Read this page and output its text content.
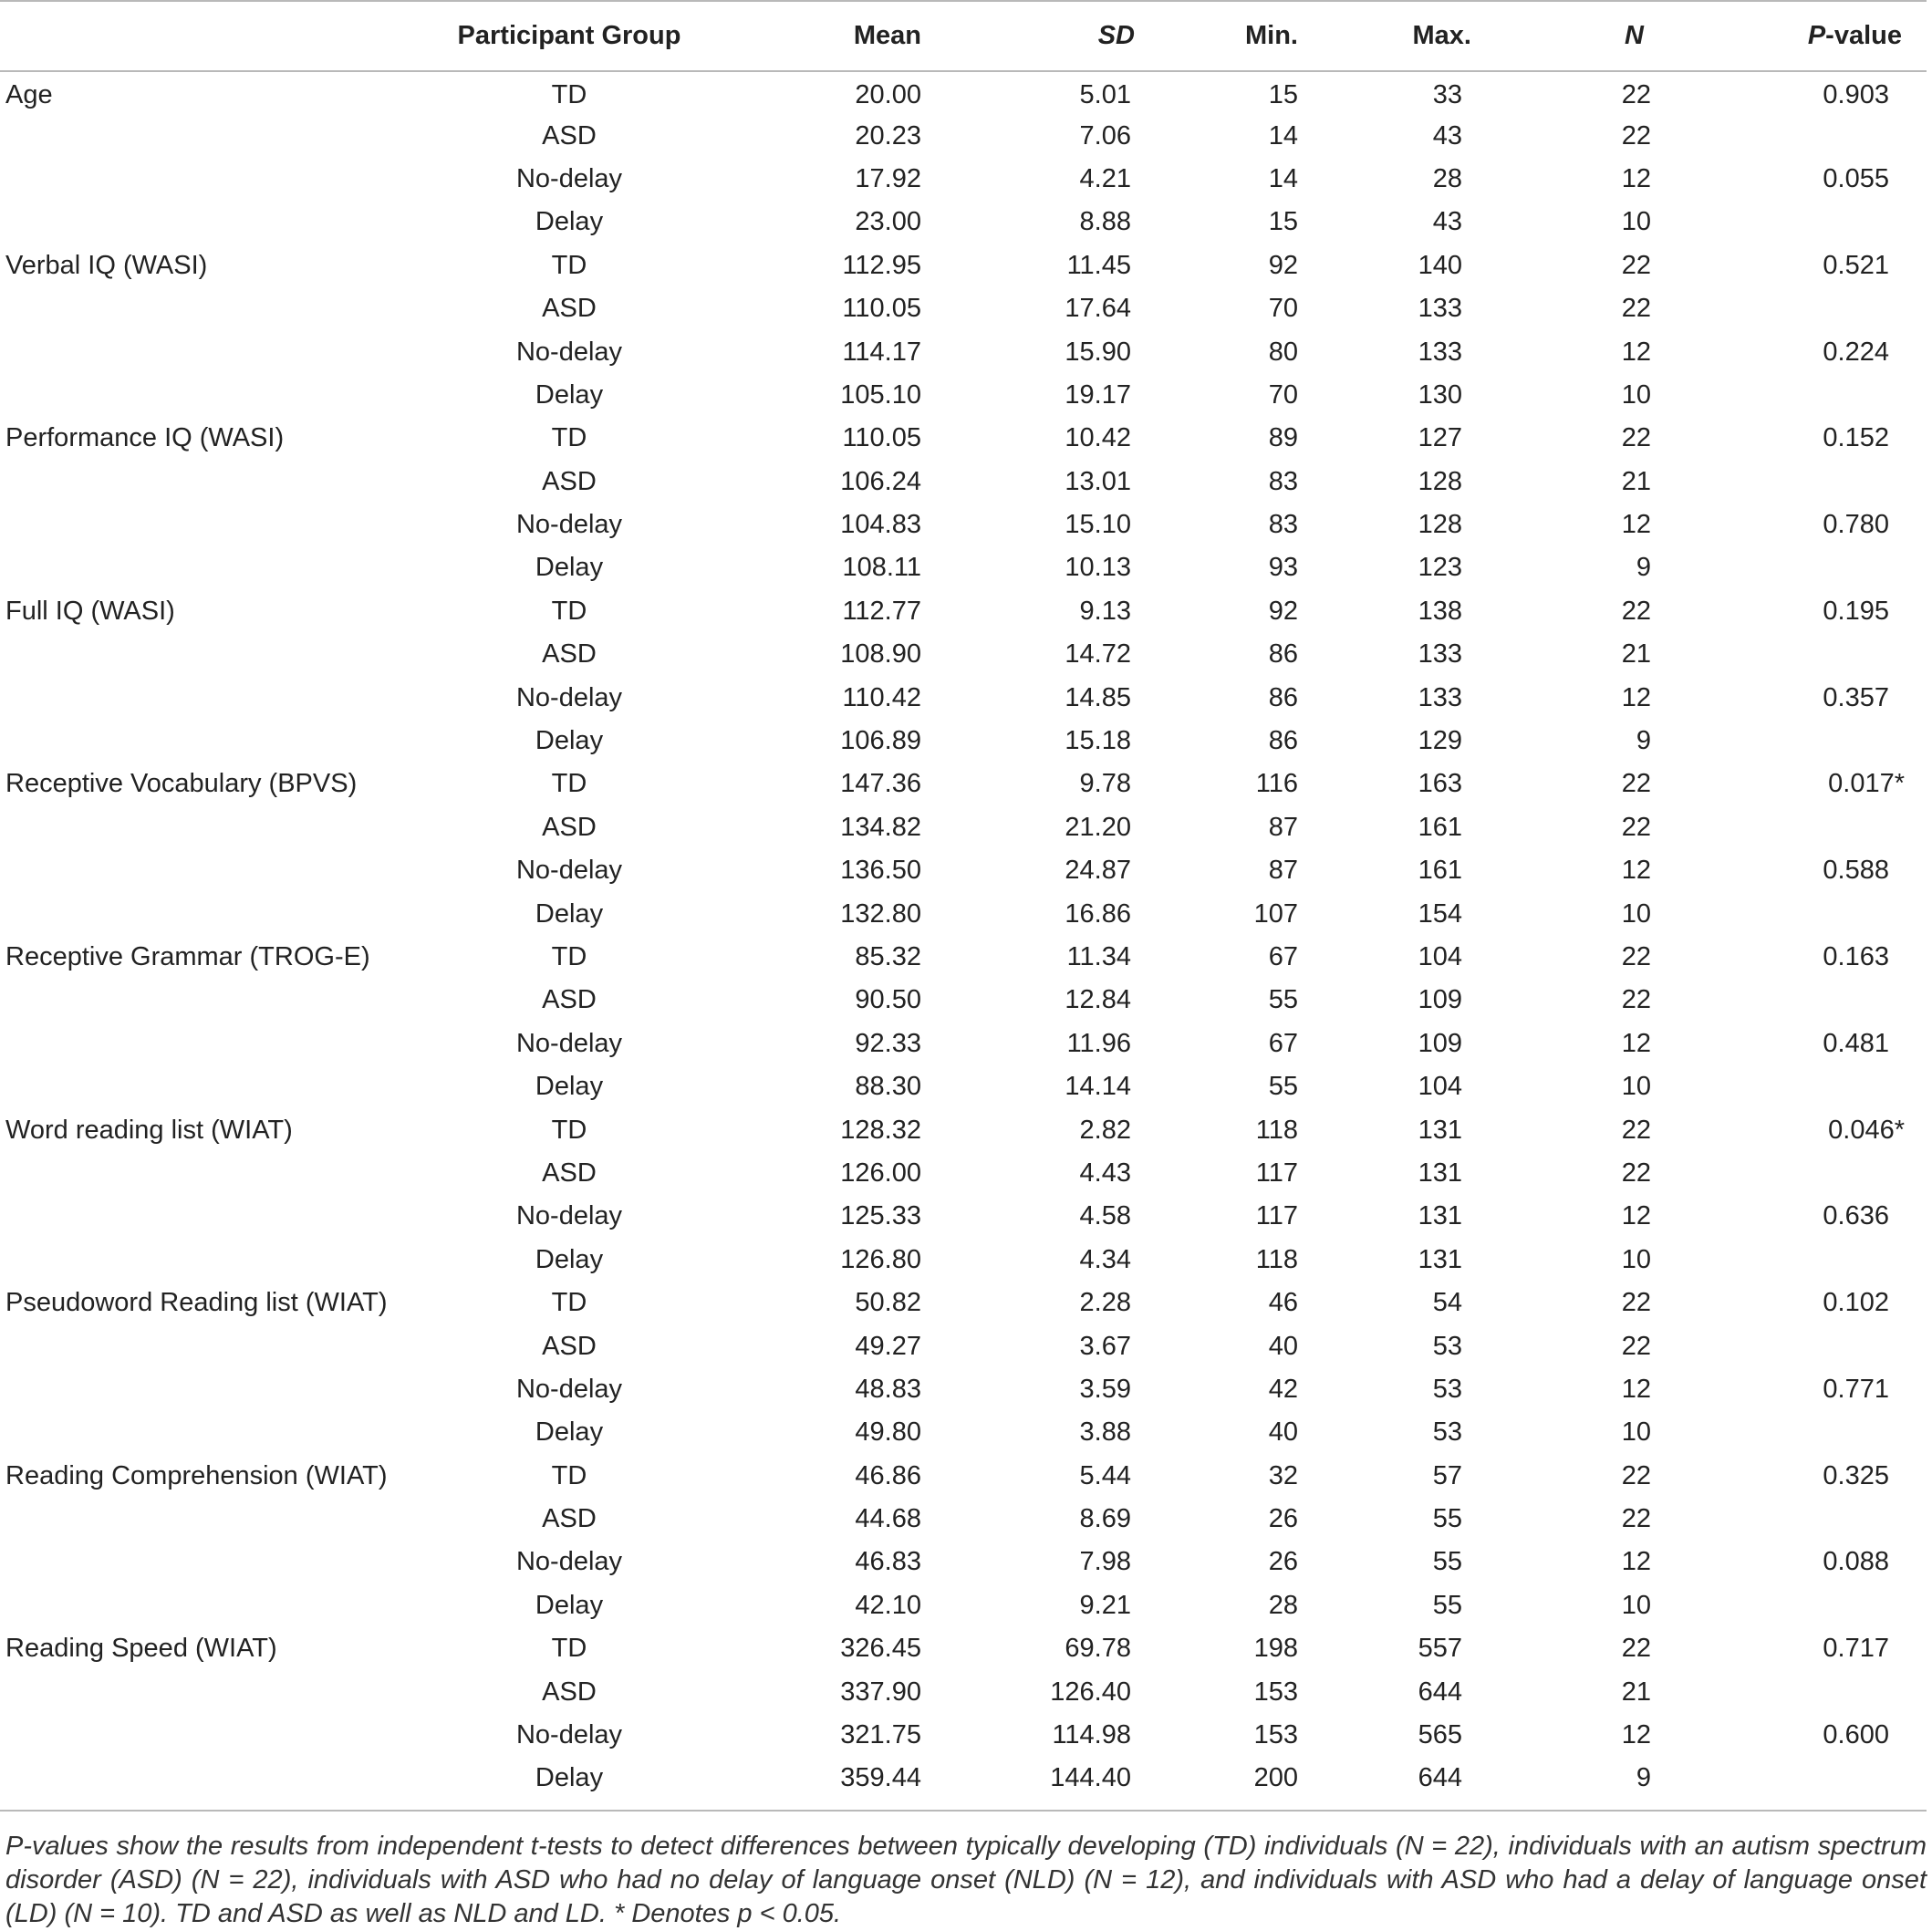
	Participant Group	Mean	SD	Min.	Max.	N	P-value
Age	TD	20.00	5.01	15	33	22	0.903
	ASD	20.23	7.06	14	43	22	
	No-delay	17.92	4.21	14	28	12	0.055
	Delay	23.00	8.88	15	43	10	
Verbal IQ (WASI)	TD	112.95	11.45	92	140	22	0.521
	ASD	110.05	17.64	70	133	22	
	No-delay	114.17	15.90	80	133	12	0.224
	Delay	105.10	19.17	70	130	10	
Performance IQ (WASI)	TD	110.05	10.42	89	127	22	0.152
	ASD	106.24	13.01	83	128	21	
	No-delay	104.83	15.10	83	128	12	0.780
	Delay	108.11	10.13	93	123	9	
Full IQ (WASI)	TD	112.77	9.13	92	138	22	0.195
	ASD	108.90	14.72	86	133	21	
	No-delay	110.42	14.85	86	133	12	0.357
	Delay	106.89	15.18	86	129	9	
Receptive Vocabulary (BPVS)	TD	147.36	9.78	116	163	22	0.017*
	ASD	134.82	21.20	87	161	22	
	No-delay	136.50	24.87	87	161	12	0.588
	Delay	132.80	16.86	107	154	10	
Receptive Grammar (TROG-E)	TD	85.32	11.34	67	104	22	0.163
	ASD	90.50	12.84	55	109	22	
	No-delay	92.33	11.96	67	109	12	0.481
	Delay	88.30	14.14	55	104	10	
Word reading list (WIAT)	TD	128.32	2.82	118	131	22	0.046*
	ASD	126.00	4.43	117	131	22	
	No-delay	125.33	4.58	117	131	12	0.636
	Delay	126.80	4.34	118	131	10	
Pseudoword Reading list (WIAT)	TD	50.82	2.28	46	54	22	0.102
	ASD	49.27	3.67	40	53	22	
	No-delay	48.83	3.59	42	53	12	0.771
	Delay	49.80	3.88	40	53	10	
Reading Comprehension (WIAT)	TD	46.86	5.44	32	57	22	0.325
	ASD	44.68	8.69	26	55	22	
	No-delay	46.83	7.98	26	55	12	0.088
	Delay	42.10	9.21	28	55	10	
Reading Speed (WIAT)	TD	326.45	69.78	198	557	22	0.717
	ASD	337.90	126.40	153	644	21	
	No-delay	321.75	114.98	153	565	12	0.600
	Delay	359.44	144.40	200	644	9	
P-values show the results from independent t-tests to detect differences between typically developing (TD) individuals (N = 22), individuals with an autism spectrum disorder (ASD) (N = 22), individuals with ASD who had no delay of language onset (NLD) (N = 12), and individuals with ASD who had a delay of language onset (LD) (N = 10). TD and ASD as well as NLD and LD. * Denotes p < 0.05.
